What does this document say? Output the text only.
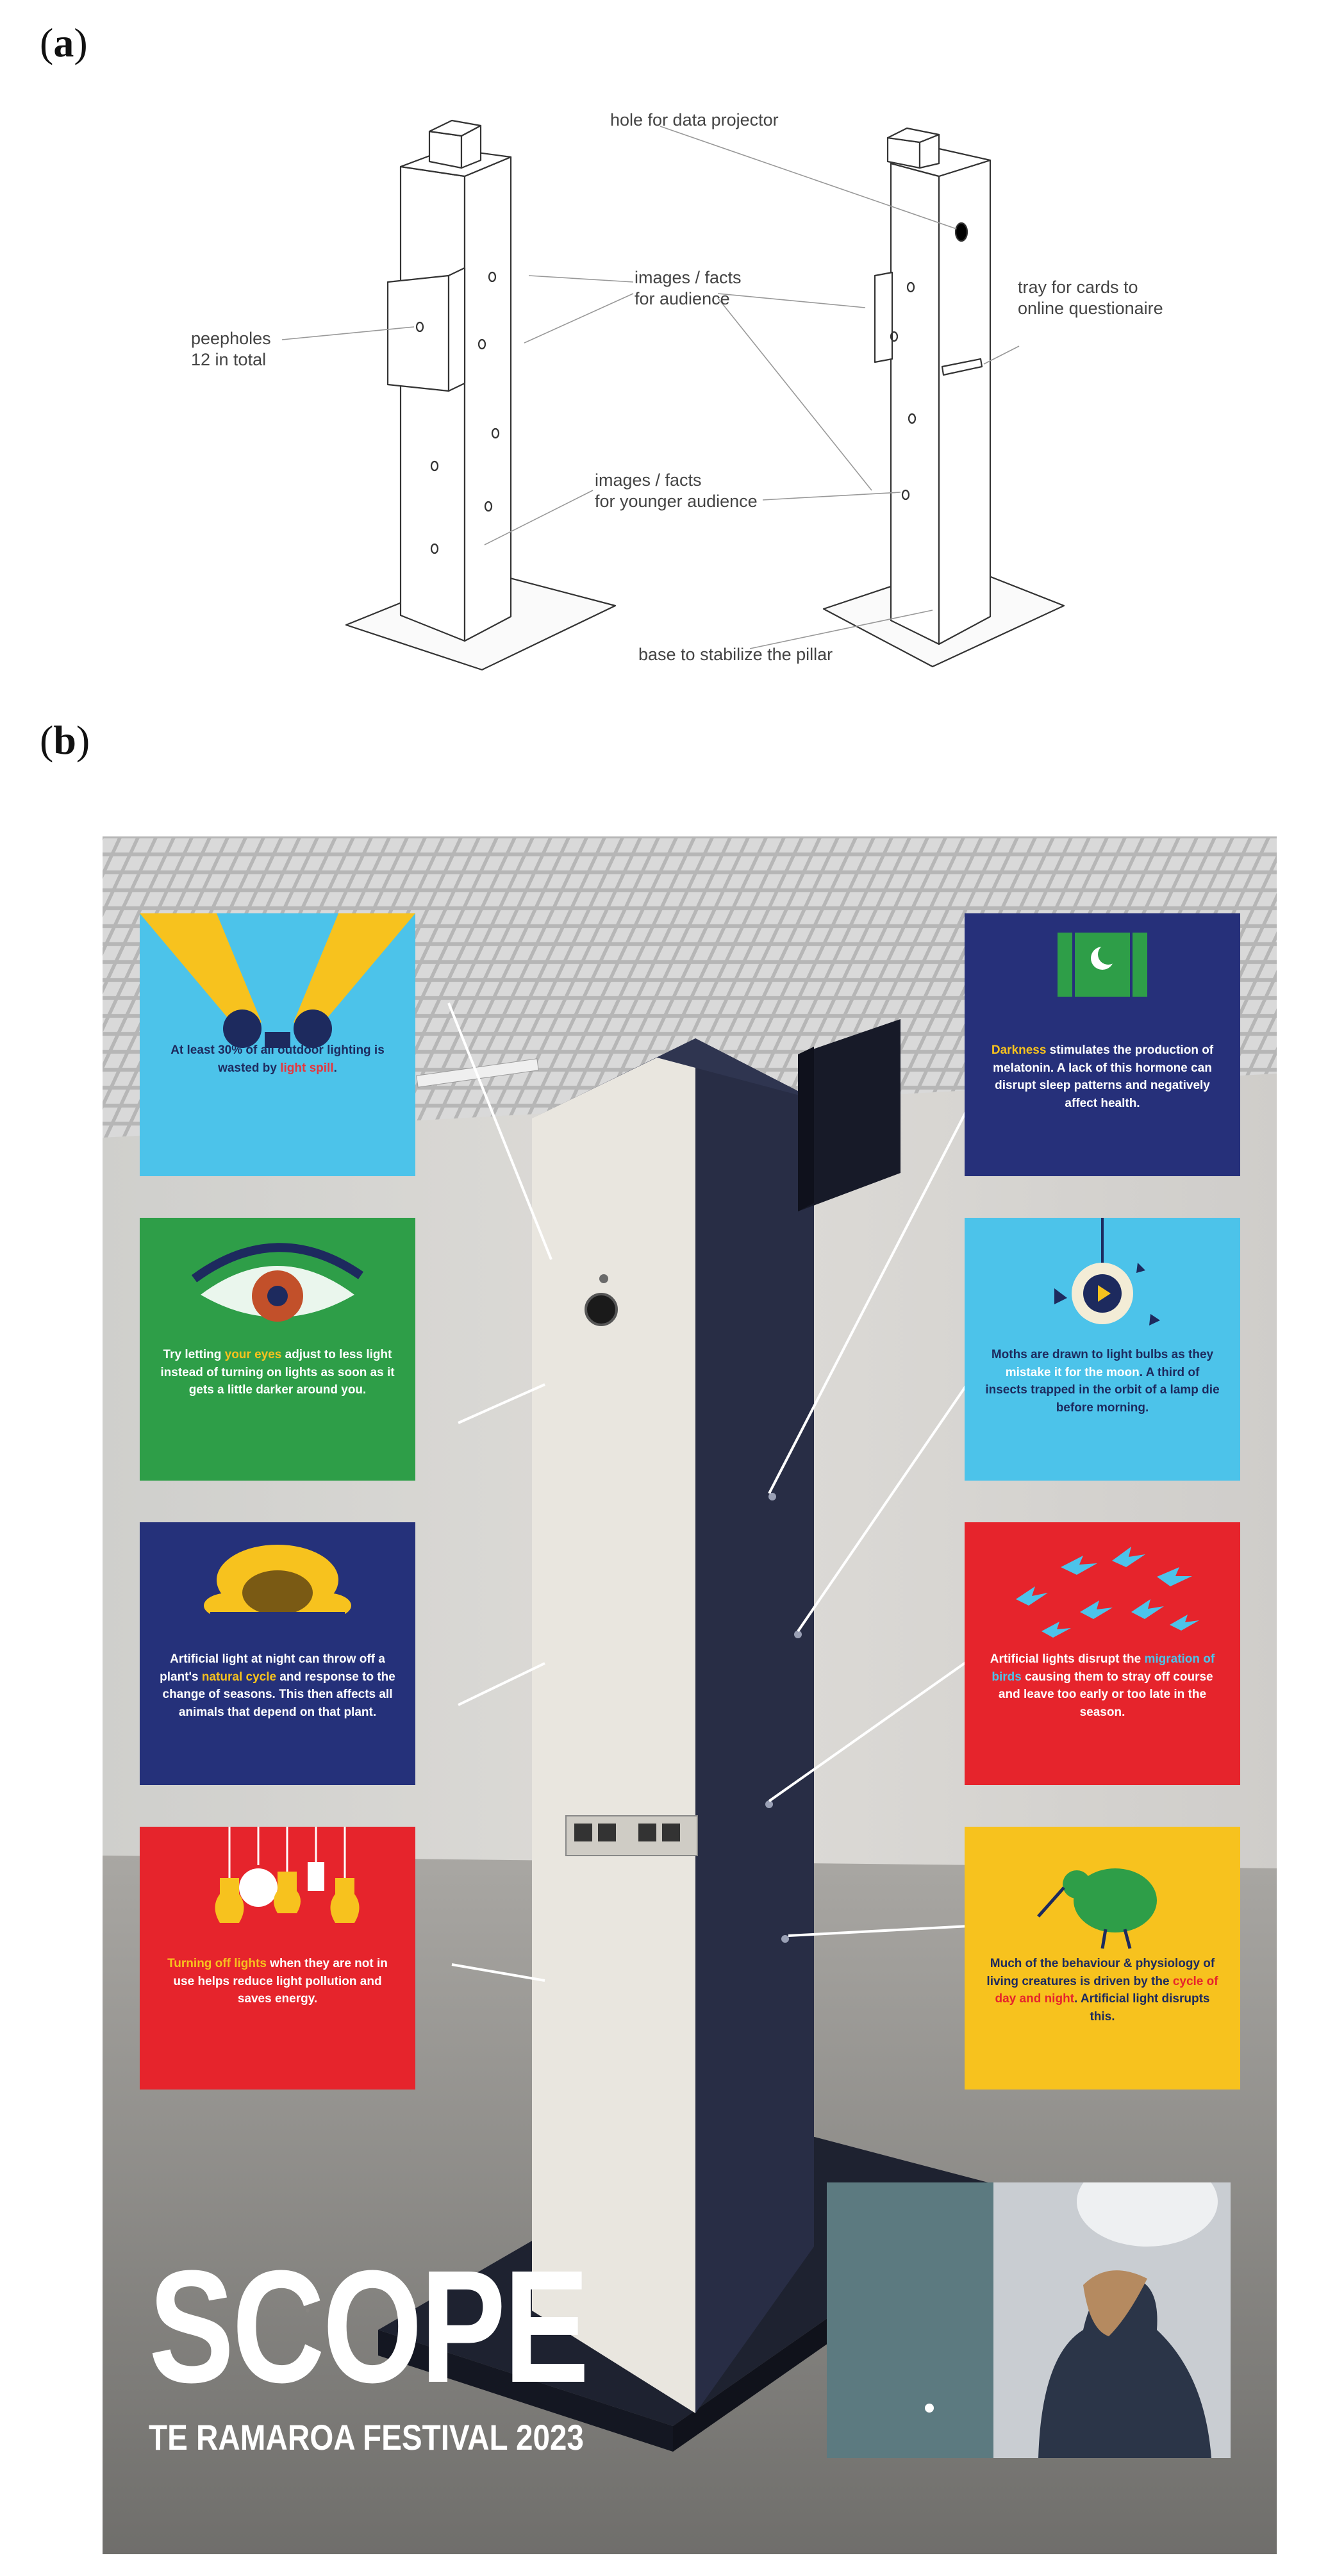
(a)
(b)
hole for data projector
peepholes
12 in total
images / facts
for audience
tray for cards to
online questionaire
images / facts
for younger audience
base to stabilize the pillar
At least 30% of all outdoor lighting is wasted by light spill.
Try letting your eyes adjust to less light instead of turning on lights as soon as it gets a little darker around you.
Artificial light at night can throw off a plant's natural cycle and response to the change of seasons. This then affects all animals that depend on that plant.
Turning off lights when they are not in use helps reduce light pollution and saves energy.
Darkness stimulates the production of melatonin. A lack of this hormone can disrupt sleep patterns and negatively affect health.
Moths are drawn to light bulbs as they mistake it for the moon. A third of insects trapped in the orbit of a lamp die before morning.
Artificial lights disrupt the migration of birds causing them to stray off course and leave too early or too late in the season.
Much of the behaviour & physiology of living creatures is driven by the cycle of day and night. Artificial light disrupts this.
SCOPE
TE RAMAROA FESTIVAL 2023
